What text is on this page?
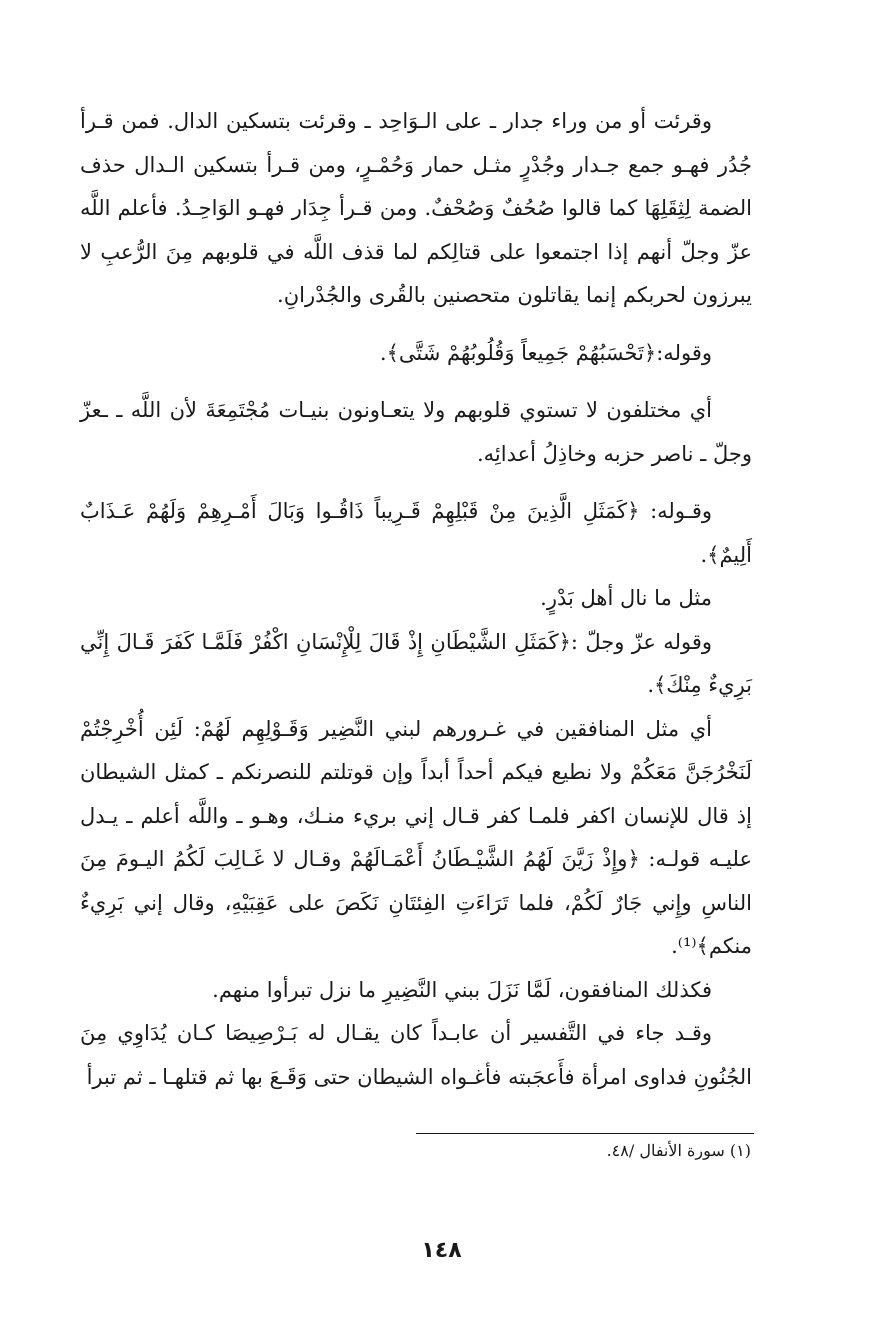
وقرئت أو من وراء جدار ـ على الـوَاحِد ـ وقرئت بتسكين الدال. فمن قـرأ جُدُر فهـو جمع جـدار وجُدْرٍ مثـل حمار وَحُمْـرٍ، ومن قـرأ بتسكين الـدال حذف الضمة لِثِقَلِهَا كما قالوا صُحُفٌ وَصُحْفٌ. ومن قـرأ جِدَار فهـو الوَاحِـدُ. فأعلم اللَّه عزّ وجلّ أنهم إذا اجتمعوا على قتالِكم لما قذف اللَّه في قلوبهم مِنَ الرُّعبِ لا يبرزون لحربكم إنما يقاتلون متحصنين بالقُرى والجُدْرانِ.

وقوله:﴿تَحْسَبُهُمْ جَمِيعاً وَقُلُوبُهُمْ شَتَّى﴾.

أي مختلفون لا تستوي قلوبهم ولا يتعـاونون بنيـات مُجْتَمِعَةَ لأن اللَّه ـ ـعزّ وجلّ ـ ناصر حزبه وخاذِلُ أعدائِه.

وقـوله: ﴿كَمَثَلِ الَّذِينَ مِنْ قَبْلِهِمْ قَـرِيباً ذَاقُـوا وَبَالَ أَمْـرِهِمْ وَلَهُمْ عَـذَابٌ أَلِيمٌ﴾.

مثل ما نال أهل بَدْرٍ.

وقوله عزّ وجلّ :﴿كَمَثَلِ الشَّيْطَانِ إِذْ قَالَ لِلْإِنْسَانِ اكْفُرْ فَلَمَّـا كَفَرَ قَـالَ إِنِّي بَرِيءٌ مِنْكَ﴾.

أي مثل المنافقين في غـرورهم لبني النَّضِير وَقَـوْلِهِم لَهُمْ: لَئِن أُخْرِجْتُمْ لَنَخْرُجَنَّ مَعَكُمْ ولا نطيع فيكم أحداً أبداً وإن قوتلتم للنصرنكم ـ كمثل الشيطان إذ قال للإنسان اكفر فلمـا كفر قـال إني بريء منـك، وهـو ـ واللَّه أعلم ـ يـدل عليـه قولـه: ﴿وإِذْ زَيَّنَ لَهُمُ الشَّيْـطَانُ أَعْمَـالَهُمْ وقـال لا غَـالِبَ لَكُمُ اليـومَ مِنَ الناسِ وإِني جَارٌ لَكُمْ، فلما تَرَاءَتِ الفِئتَانِ نَكَصَ على عَقِبَيْهِ، وقال إني بَرِيءٌ منكم﴾⁽¹⁾.

فكذلك المنافقون، لَمَّا نَزَلَ ببني النَّضِيرِ ما نزل تبرأوا منهم.

وقـد جاء في التَّفسير أن عابـداً كان يقـال له بَـرْصِيصَا كـان يُدَاوِي مِنَ الجُنُونِ فداوى امرأة فأَعجَبته فأغـواه الشيطان حتى وَقَـعَ بها ثم قتلهـا ـ ثم تبرأ

(١) سورة الأنفال /٤٨.
١٤٨
